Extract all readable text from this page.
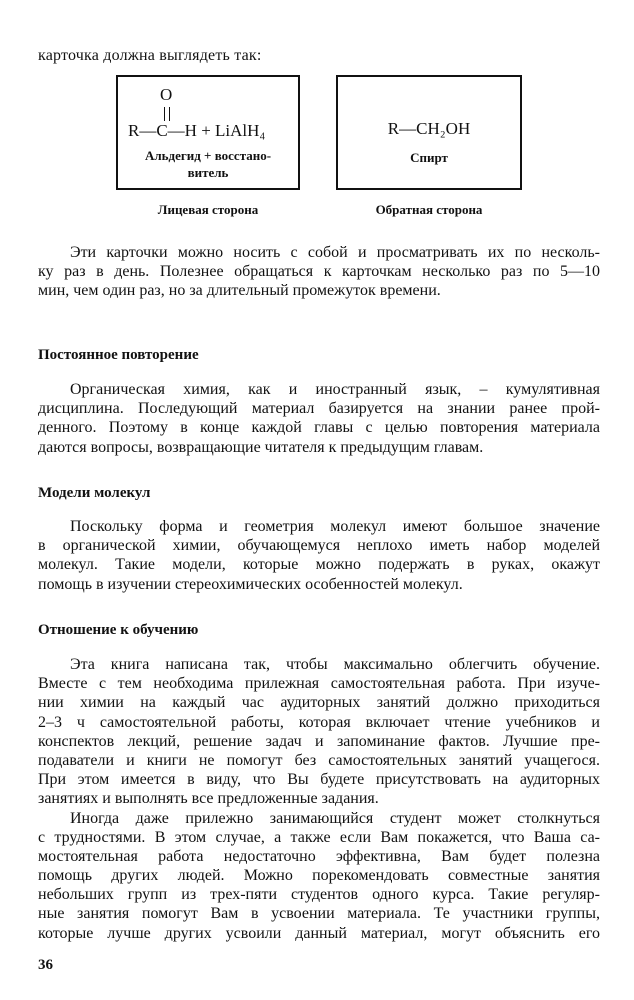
карточка должна выглядеть так:
O
R—C—H + LiAlH₄
Альдегид + восстано-
витель
R—CH₂OH
Спирт
Лицевая сторона	Обратная сторона
Эти карточки можно носить с собой и просматривать их по несколь-
ку раз в день. Полезнее обращаться к карточкам несколько раз по 5—10
мин, чем один раз, но за длительный промежуток времени.
Постоянное повторение
Органическая химия, как и иностранный язык, – кумулятивная
дисциплина. Последующий материал базируется на знании ранее прой-
денного. Поэтому в конце каждой главы с целью повторения материала
даются вопросы, возвращающие читателя к предыдущим главам.
Модели молекул
Поскольку форма и геометрия молекул имеют большое значение
в органической химии, обучающемуся неплохо иметь набор моделей
молекул. Такие модели, которые можно подержать в руках, окажут
помощь в изучении стереохимических особенностей молекул.
Отношение к обучению
Эта книга написана так, чтобы максимально облегчить обучение.
Вместе с тем необходима прилежная самостоятельная работа. При изуче-
нии химии на каждый час аудиторных занятий должно приходиться
2–3 ч самостоятельной работы, которая включает чтение учебников и
конспектов лекций, решение задач и запоминание фактов. Лучшие пре-
подаватели и книги не помогут без самостоятельных занятий учащегося.
При этом имеется в виду, что Вы будете присутствовать на аудиторных
занятиях и выполнять все предложенные задания.
Иногда даже прилежно занимающийся студент может столкнуться
с трудностями. В этом случае, а также если Вам покажется, что Ваша са-
мостоятельная работа недостаточно эффективна, Вам будет полезна
помощь других людей. Можно порекомендовать совместные занятия
небольших групп из трех-пяти студентов одного курса. Такие регуляр-
ные занятия помогут Вам в усвоении материала. Те участники группы,
которые лучше других усвоили данный материал, могут объяснить его
36
